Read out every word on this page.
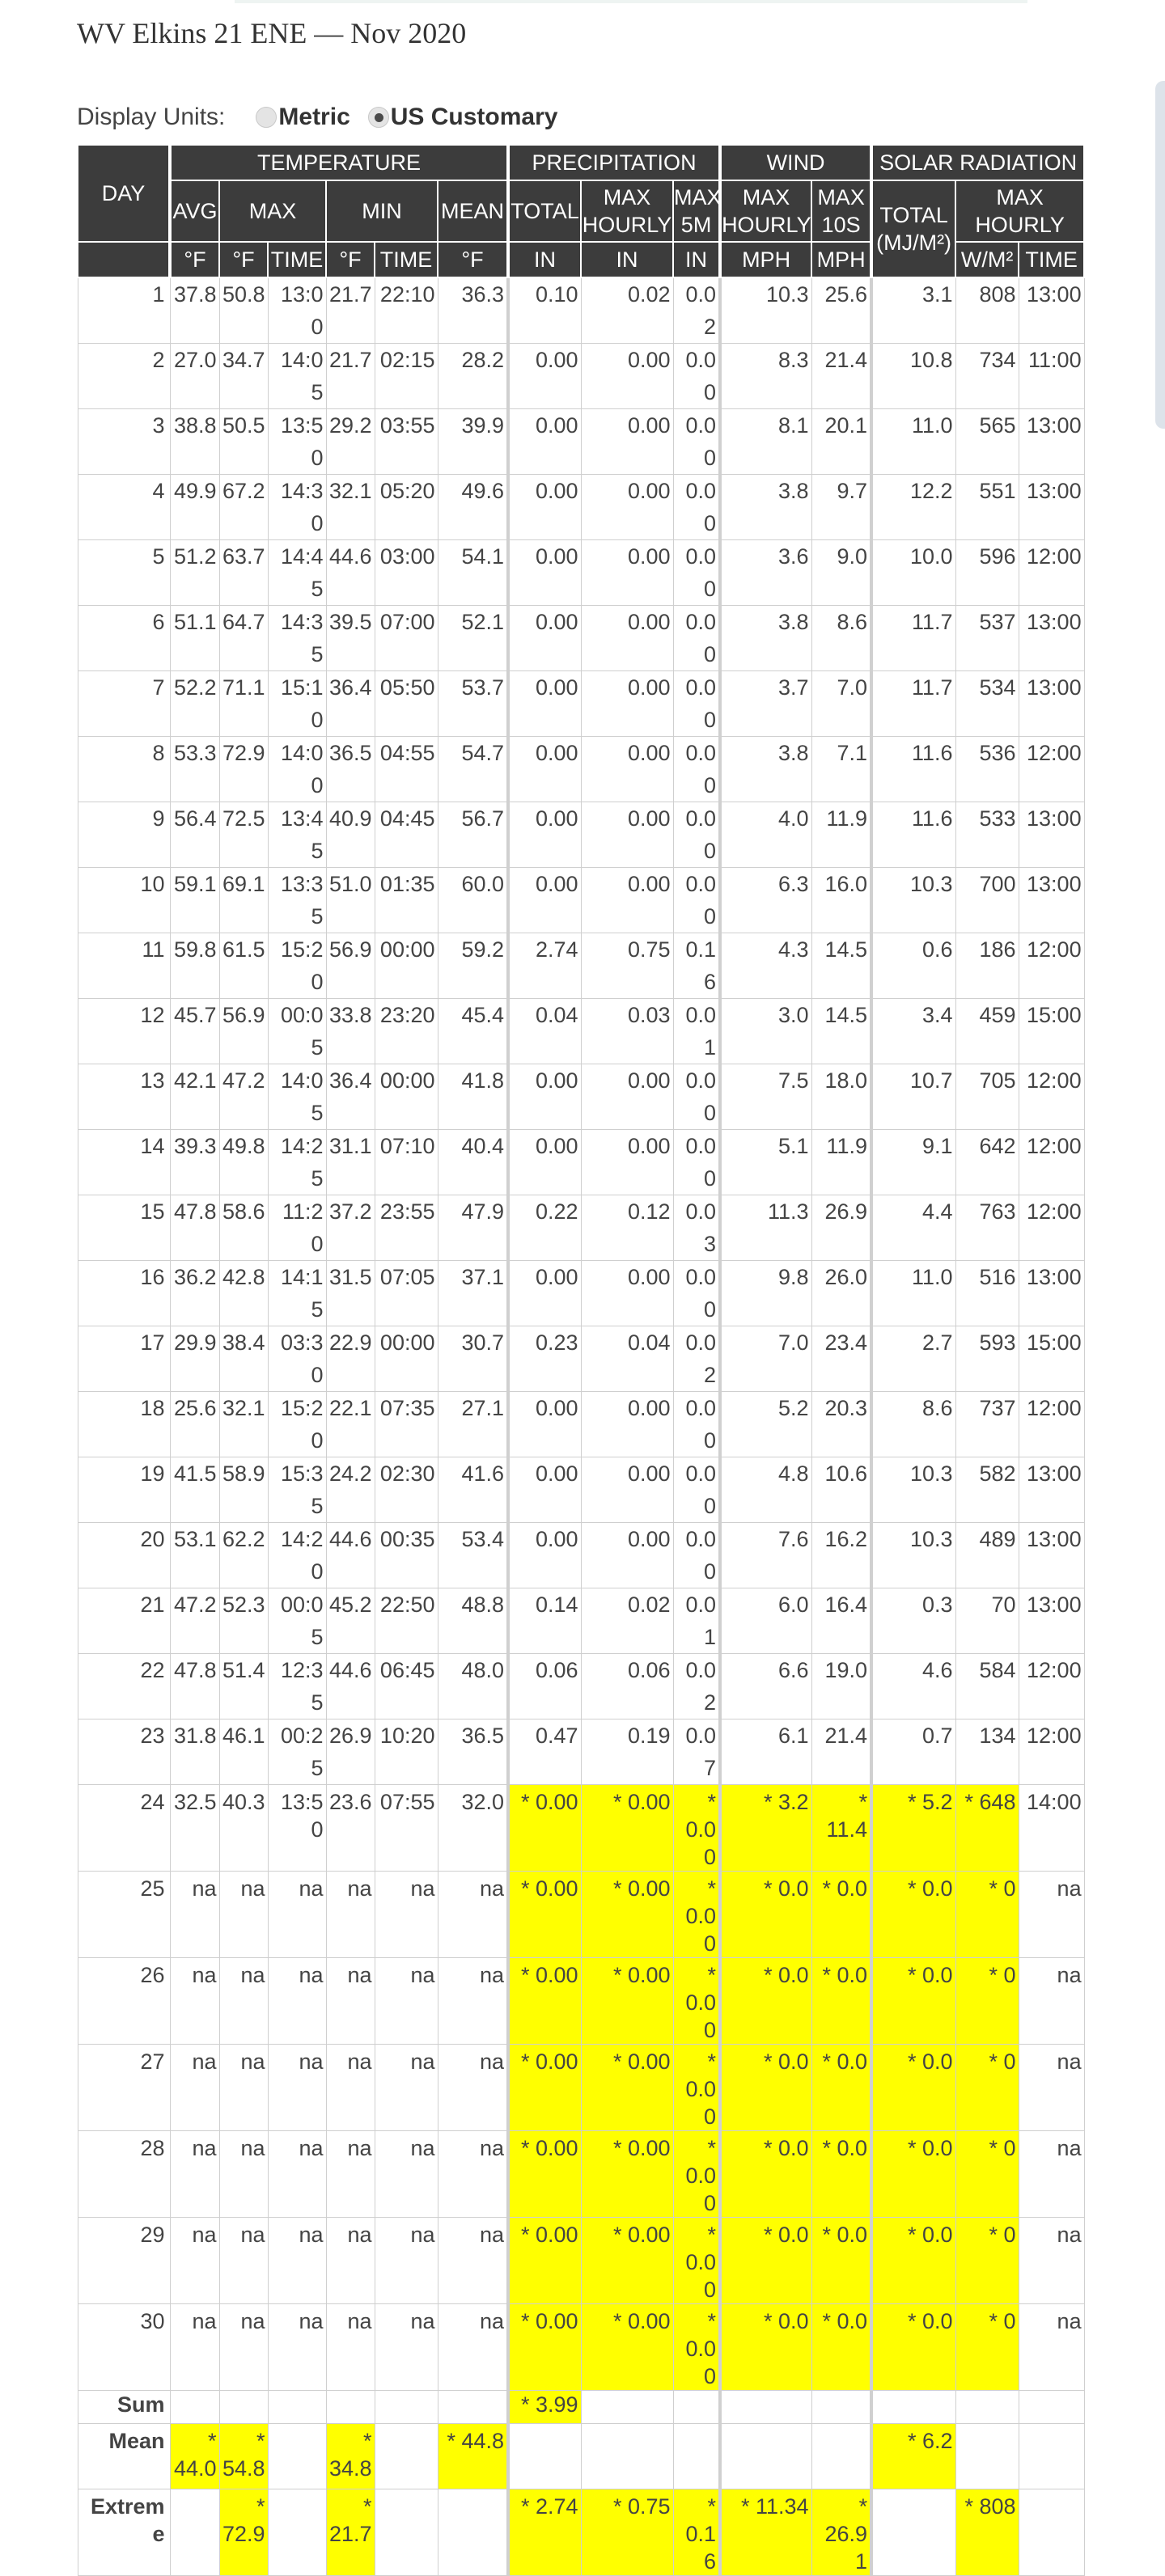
WV Elkins 21 ENE — Nov 2020
Display Units: Metric US Customary
DAY	TEMPERATURE						PRECIPITATION			WIND		SOLAR RADIATION		
	AVG	MAX		MIN		MEAN	TOTAL	MAX HOURLY	MAX 5M	MAX HOURLY	MAX 10S	TOTAL (MJ/M²)	MAX HOURLY	
	°F	°F	TIME	°F	TIME	°F	IN	IN	IN	MPH	MPH		W/M²	TIME
1	37.8	50.8	13:00	21.7	22:10	36.3	0.10	0.02	0.02	10.3	25.6	3.1	808	13:00
2	27.0	34.7	14:05	21.7	02:15	28.2	0.00	0.00	0.00	8.3	21.4	10.8	734	11:00
3	38.8	50.5	13:50	29.2	03:55	39.9	0.00	0.00	0.00	8.1	20.1	11.0	565	13:00
4	49.9	67.2	14:30	32.1	05:20	49.6	0.00	0.00	0.00	3.8	9.7	12.2	551	13:00
5	51.2	63.7	14:45	44.6	03:00	54.1	0.00	0.00	0.00	3.6	9.0	10.0	596	12:00
6	51.1	64.7	14:35	39.5	07:00	52.1	0.00	0.00	0.00	3.8	8.6	11.7	537	13:00
7	52.2	71.1	15:10	36.4	05:50	53.7	0.00	0.00	0.00	3.7	7.0	11.7	534	13:00
8	53.3	72.9	14:00	36.5	04:55	54.7	0.00	0.00	0.00	3.8	7.1	11.6	536	12:00
9	56.4	72.5	13:45	40.9	04:45	56.7	0.00	0.00	0.00	4.0	11.9	11.6	533	13:00
10	59.1	69.1	13:35	51.0	01:35	60.0	0.00	0.00	0.00	6.3	16.0	10.3	700	13:00
11	59.8	61.5	15:20	56.9	00:00	59.2	2.74	0.75	0.16	4.3	14.5	0.6	186	12:00
12	45.7	56.9	00:05	33.8	23:20	45.4	0.04	0.03	0.01	3.0	14.5	3.4	459	15:00
13	42.1	47.2	14:05	36.4	00:00	41.8	0.00	0.00	0.00	7.5	18.0	10.7	705	12:00
14	39.3	49.8	14:25	31.1	07:10	40.4	0.00	0.00	0.00	5.1	11.9	9.1	642	12:00
15	47.8	58.6	11:20	37.2	23:55	47.9	0.22	0.12	0.03	11.3	26.9	4.4	763	12:00
16	36.2	42.8	14:15	31.5	07:05	37.1	0.00	0.00	0.00	9.8	26.0	11.0	516	13:00
17	29.9	38.4	03:30	22.9	00:00	30.7	0.23	0.04	0.02	7.0	23.4	2.7	593	15:00
18	25.6	32.1	15:20	22.1	07:35	27.1	0.00	0.00	0.00	5.2	20.3	8.6	737	12:00
19	41.5	58.9	15:35	24.2	02:30	41.6	0.00	0.00	0.00	4.8	10.6	10.3	582	13:00
20	53.1	62.2	14:20	44.6	00:35	53.4	0.00	0.00	0.00	7.6	16.2	10.3	489	13:00
21	47.2	52.3	00:05	45.2	22:50	48.8	0.14	0.02	0.01	6.0	16.4	0.3	70	13:00
22	47.8	51.4	12:35	44.6	06:45	48.0	0.06	0.06	0.02	6.6	19.0	4.6	584	12:00
23	31.8	46.1	00:25	26.9	10:20	36.5	0.47	0.19	0.07	6.1	21.4	0.7	134	12:00
24	32.5	40.3	13:50	23.6	07:55	32.0	* 0.00	* 0.00	* 0.00	* 3.2	* 11.4	* 5.2	* 648	14:00
25	na	na	na	na	na	na	* 0.00	* 0.00	* 0.00	* 0.0	* 0.0	* 0.0	* 0	na
26	na	na	na	na	na	na	* 0.00	* 0.00	* 0.00	* 0.0	* 0.0	* 0.0	* 0	na
27	na	na	na	na	na	na	* 0.00	* 0.00	* 0.00	* 0.0	* 0.0	* 0.0	* 0	na
28	na	na	na	na	na	na	* 0.00	* 0.00	* 0.00	* 0.0	* 0.0	* 0.0	* 0	na
29	na	na	na	na	na	na	* 0.00	* 0.00	* 0.00	* 0.0	* 0.0	* 0.0	* 0	na
30	na	na	na	na	na	na	* 0.00	* 0.00	* 0.00	* 0.0	* 0.0	* 0.0	* 0	na
Sum							* 3.99							
Mean	* 44.0	* 54.8		* 34.8		* 44.8						* 6.2		
Extreme		* 72.9		* 21.7			* 2.74	* 0.75	* 0.16	* 11.34	* 26.91		* 808	
